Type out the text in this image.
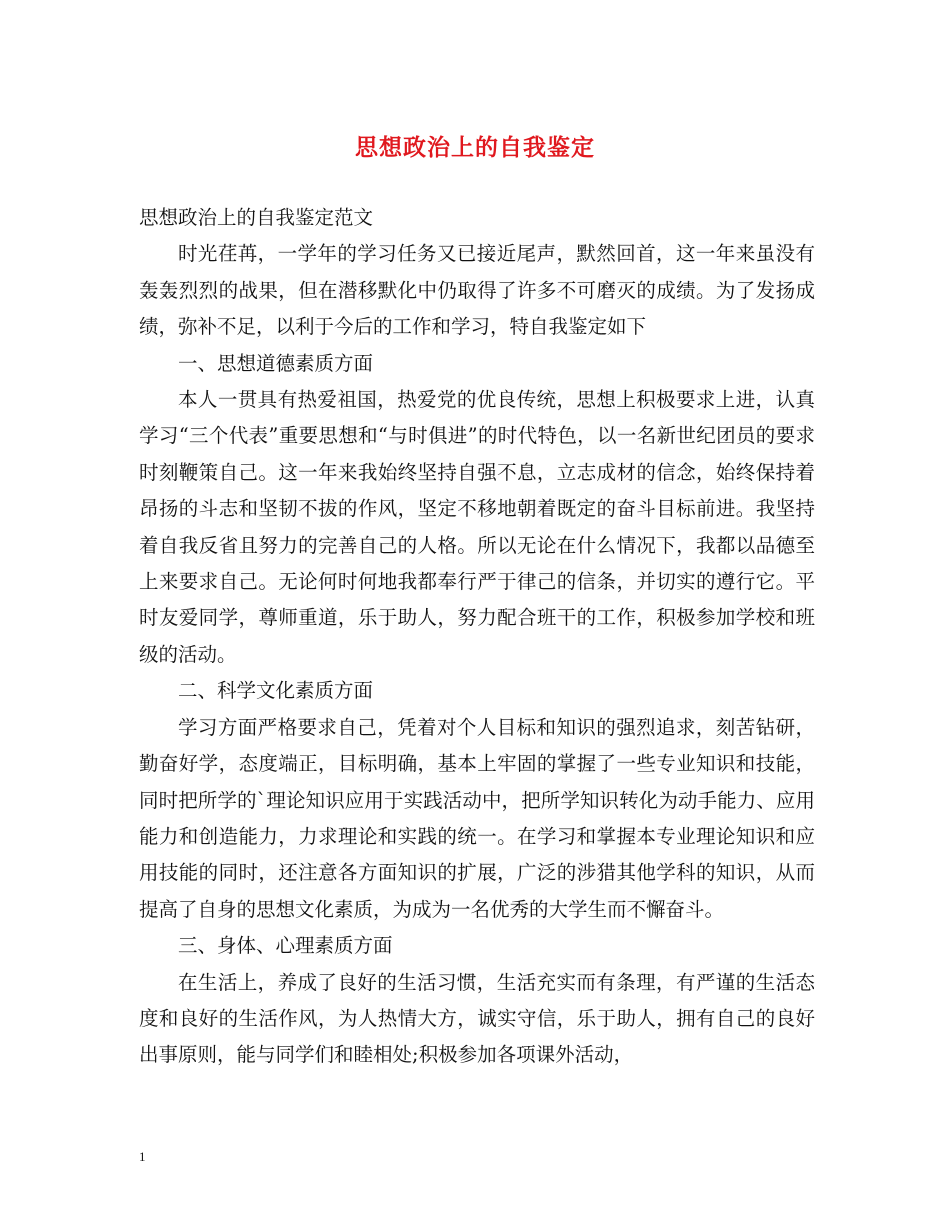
思想政治上的自我鉴定

思想政治上的自我鉴定范文

时光荏苒，一学年的学习任务又已接近尾声，默然回首，这一年来虽没有轰轰烈烈的战果，但在潜移默化中仍取得了许多不可磨灭的成绩。为了发扬成绩，弥补不足，以利于今后的工作和学习，特自我鉴定如下

一、思想道德素质方面

本人一贯具有热爱祖国，热爱党的优良传统，思想上积极要求上进，认真学习“三个代表”重要思想和“与时俱进”的时代特色，以一名新世纪团员的要求时刻鞭策自己。这一年来我始终坚持自强不息，立志成材的信念，始终保持着昂扬的斗志和坚韧不拔的作风，坚定不移地朝着既定的奋斗目标前进。我坚持着自我反省且努力的完善自己的人格。所以无论在什么情况下，我都以品德至上来要求自己。无论何时何地我都奉行严于律己的信条，并切实的遵行它。平时友爱同学，尊师重道，乐于助人，努力配合班干的工作，积极参加学校和班级的活动。

二、科学文化素质方面

学习方面严格要求自己，凭着对个人目标和知识的强烈追求，刻苦钻研，勤奋好学，态度端正，目标明确，基本上牢固的掌握了一些专业知识和技能，同时把所学的`理论知识应用于实践活动中，把所学知识转化为动手能力、应用能力和创造能力，力求理论和实践的统一。在学习和掌握本专业理论知识和应用技能的同时，还注意各方面知识的扩展，广泛的涉猎其他学科的知识，从而提高了自身的思想文化素质，为成为一名优秀的大学生而不懈奋斗。

三、身体、心理素质方面

在生活上，养成了良好的生活习惯，生活充实而有条理，有严谨的生活态度和良好的生活作风，为人热情大方，诚实守信，乐于助人，拥有自己的良好出事原则，能与同学们和睦相处;积极参加各项课外活动，

1
